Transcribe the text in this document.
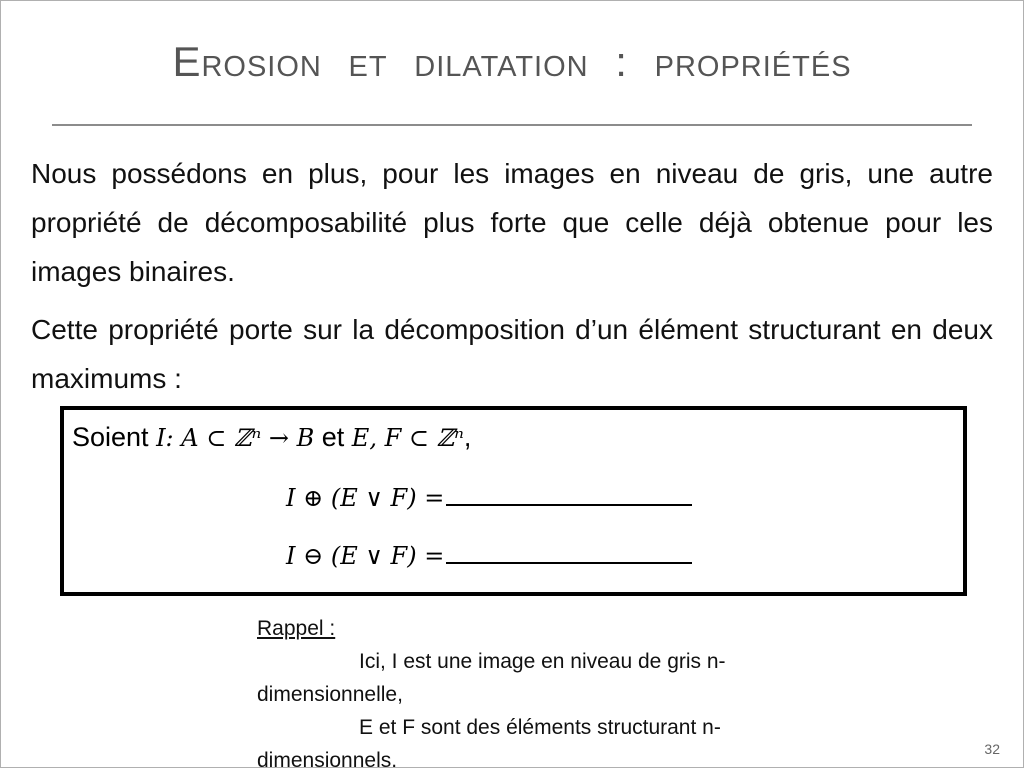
Erosion et dilatation : propriétés
Nous possédons en plus, pour les images en niveau de gris, une autre propriété de décomposabilité plus forte que celle déjà obtenue pour les images binaires.
Cette propriété porte sur la décomposition d’un élément structurant en deux maximums :
Soient I: A ⊂ ℤⁿ → B et E, F ⊂ ℤⁿ,
I ⊕ (E ∨ F) =
I ⊖ (E ∨ F) =
Rappel :
Ici, I est une image en niveau de gris n-dimensionnelle,
E et F sont des éléments structurant n-dimensionnels.	32
